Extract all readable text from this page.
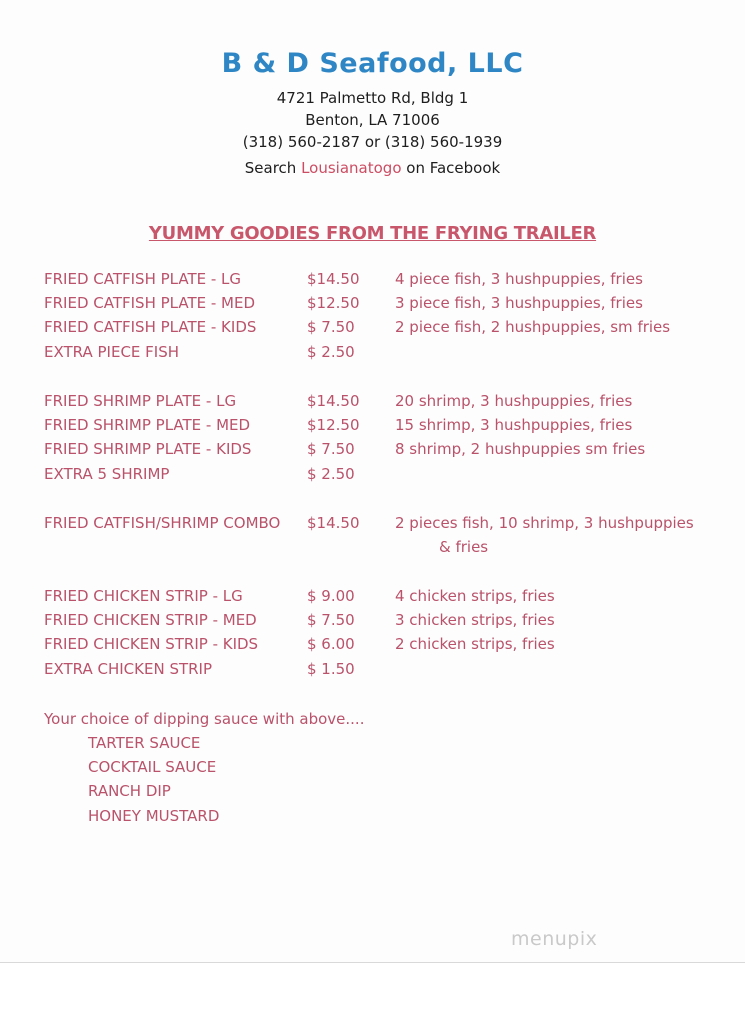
B & D Seafood, LLC
4721 Palmetto Rd, Bldg 1
Benton, LA 71006
(318) 560-2187 or (318) 560-1939
Search Lousianatogo on Facebook
YUMMY GOODIES FROM THE FRYING TRAILER
FRIED CATFISH PLATE - LG	$14.50 4 piece fish, 3 hushpuppies, fries
FRIED CATFISH PLATE - MED	$12.50 3 piece fish, 3 hushpuppies, fries
FRIED CATFISH PLATE - KIDS	$ 7.50	2 piece fish, 2 hushpuppies, sm fries
EXTRA PIECE FISH	$ 2.50
FRIED SHRIMP PLATE - LG	$14.50 20 shrimp, 3 hushpuppies, fries
FRIED SHRIMP PLATE - MED	$12.50 15 shrimp, 3 hushpuppies, fries
FRIED SHRIMP PLATE - KIDS	$ 7.50	8 shrimp, 2 hushpuppies sm fries
EXTRA 5 SHRIMP	$ 2.50
FRIED CATFISH/SHRIMP COMBO $14.50 2 pieces fish, 10 shrimp, 3 hushpuppies
& fries
FRIED CHICKEN STRIP - LG	$ 9.00	4 chicken strips, fries
FRIED CHICKEN STRIP - MED	$ 7.50	3 chicken strips, fries
FRIED CHICKEN STRIP - KIDS	$ 6.00	2 chicken strips, fries
EXTRA CHICKEN STRIP	$ 1.50
Your choice of dipping sauce with above....
TARTER SAUCE
COCKTAIL SAUCE
RANCH DIP
HONEY MUSTARD
menupix
